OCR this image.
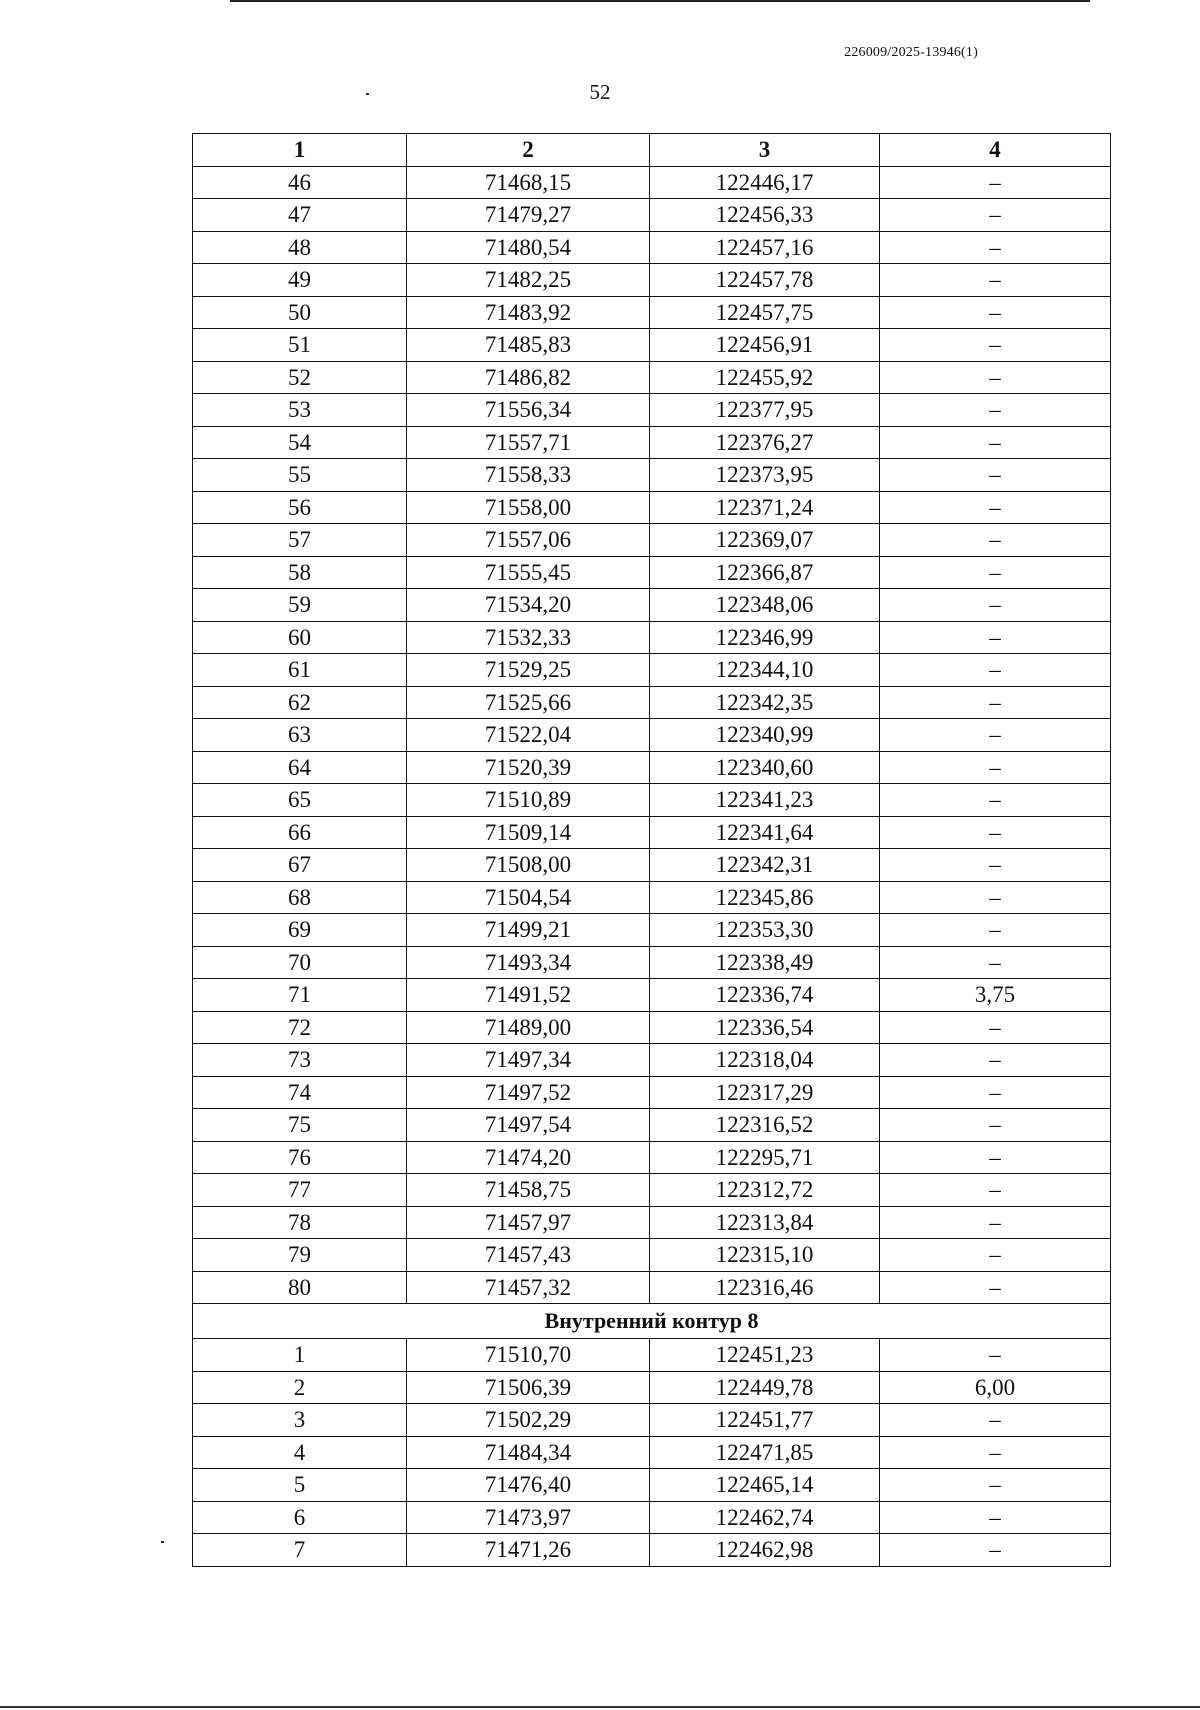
226009/2025-13946(1)
52
1	2	3	4
46	71468,15	122446,17	–
47	71479,27	122456,33	–
48	71480,54	122457,16	–
49	71482,25	122457,78	–
50	71483,92	122457,75	–
51	71485,83	122456,91	–
52	71486,82	122455,92	–
53	71556,34	122377,95	–
54	71557,71	122376,27	–
55	71558,33	122373,95	–
56	71558,00	122371,24	–
57	71557,06	122369,07	–
58	71555,45	122366,87	–
59	71534,20	122348,06	–
60	71532,33	122346,99	–
61	71529,25	122344,10	–
62	71525,66	122342,35	–
63	71522,04	122340,99	–
64	71520,39	122340,60	–
65	71510,89	122341,23	–
66	71509,14	122341,64	–
67	71508,00	122342,31	–
68	71504,54	122345,86	–
69	71499,21	122353,30	–
70	71493,34	122338,49	–
71	71491,52	122336,74	3,75
72	71489,00	122336,54	–
73	71497,34	122318,04	–
74	71497,52	122317,29	–
75	71497,54	122316,52	–
76	71474,20	122295,71	–
77	71458,75	122312,72	–
78	71457,97	122313,84	–
79	71457,43	122315,10	–
80	71457,32	122316,46	–
Внутренний контур 8			
1	71510,70	122451,23	–
2	71506,39	122449,78	6,00
3	71502,29	122451,77	–
4	71484,34	122471,85	–
5	71476,40	122465,14	–
6	71473,97	122462,74	–
7	71471,26	122462,98	–
